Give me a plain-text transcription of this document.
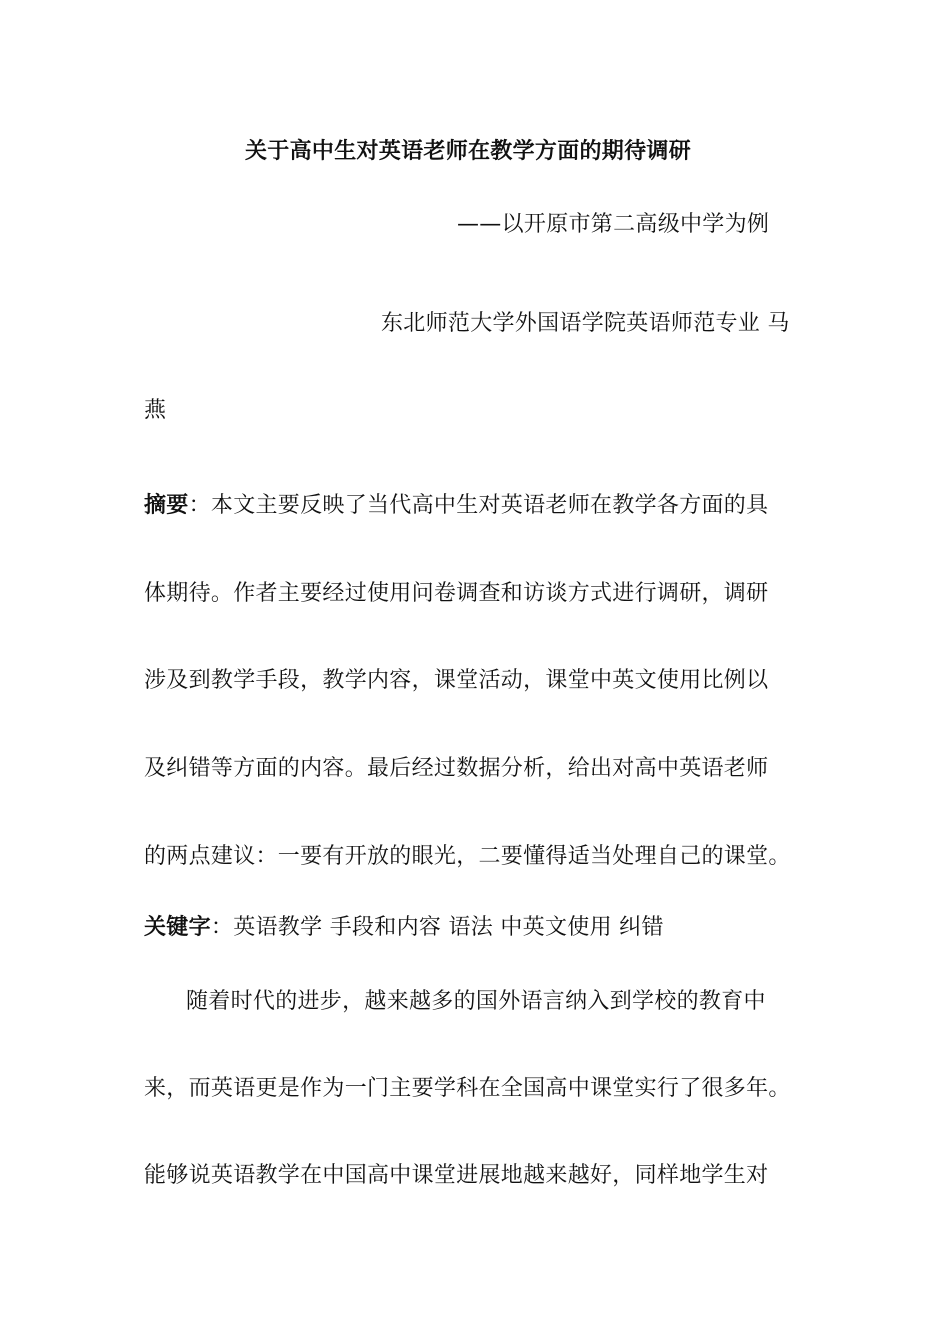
关于高中生对英语老师在教学方面的期待调研
——以开原市第二高级中学为例
东北师范大学外国语学院英语师范专业 马
燕
摘要：本文主要反映了当代高中生对英语老师在教学各方面的具
体期待。作者主要经过使用问卷调查和访谈方式进行调研，调研
涉及到教学手段，教学内容，课堂活动，课堂中英文使用比例以
及纠错等方面的内容。最后经过数据分析，给出对高中英语老师
的两点建议：一要有开放的眼光，二要懂得适当处理自己的课堂。
关键字：英语教学 手段和内容 语法 中英文使用 纠错
随着时代的进步，越来越多的国外语言纳入到学校的教育中
来，而英语更是作为一门主要学科在全国高中课堂实行了很多年。
能够说英语教学在中国高中课堂进展地越来越好，同样地学生对
